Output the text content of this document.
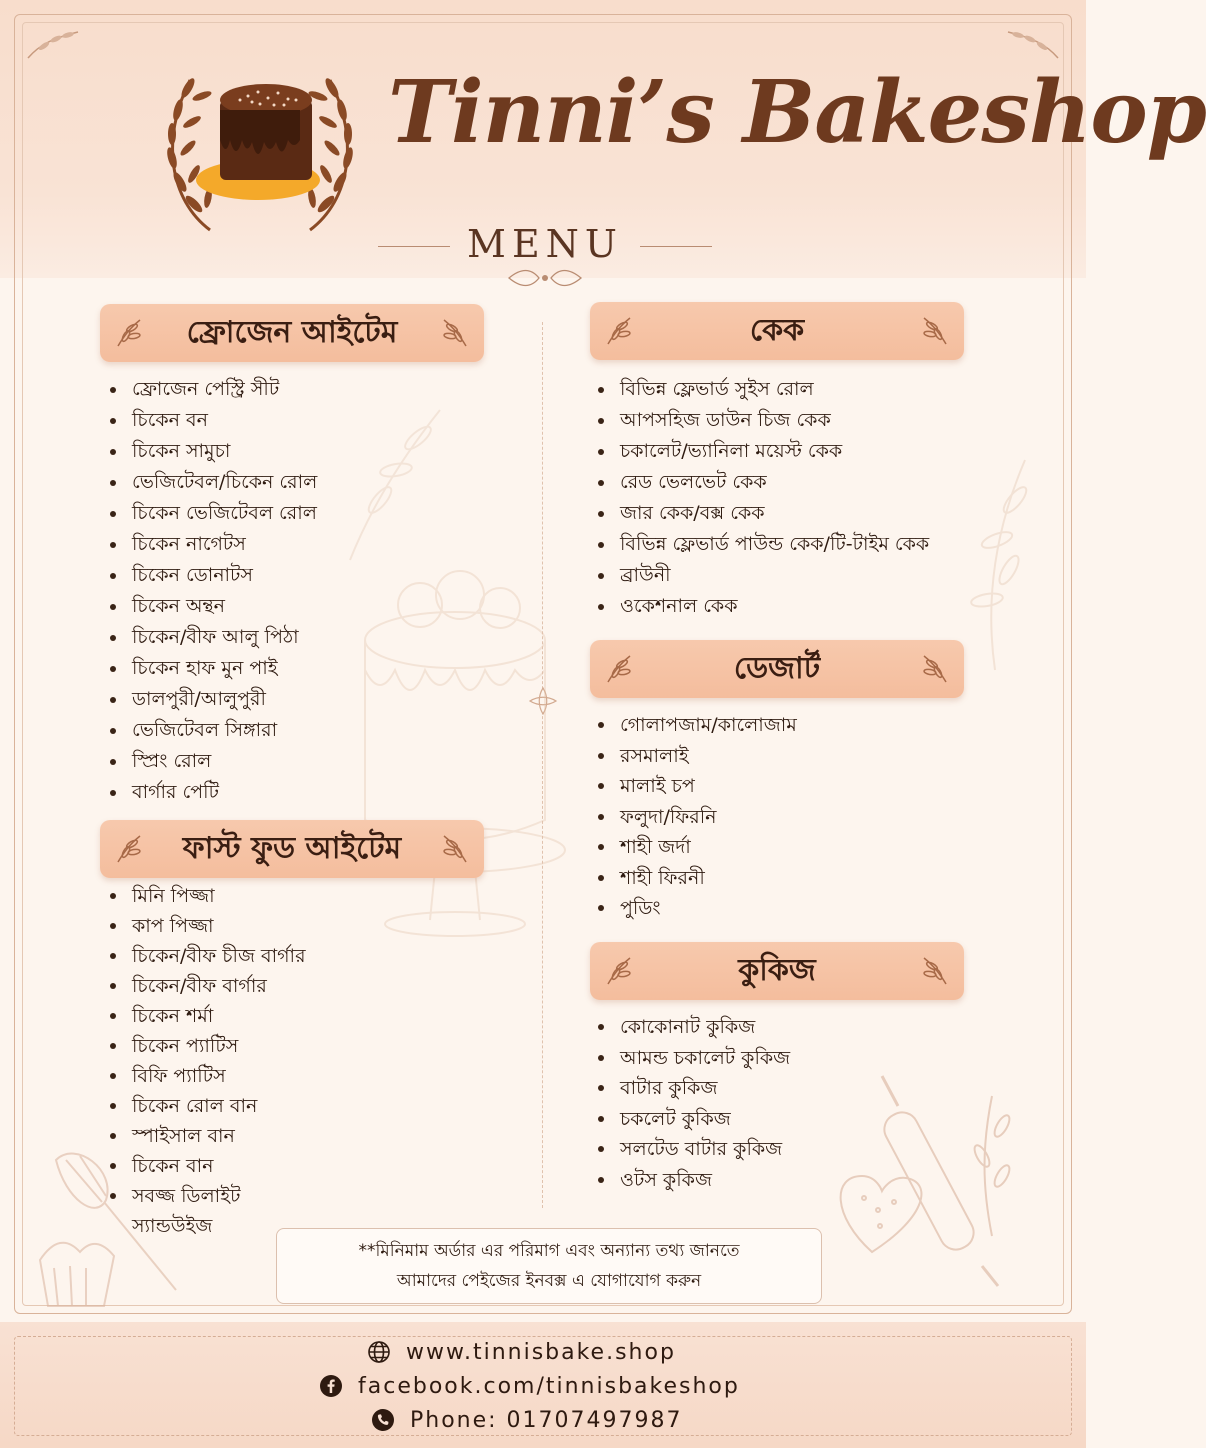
Tinni’s Bakeshop
MENU
ফ্রোজেন আইটেম
ফ্রোজেন পেস্ট্রি সীট
চিকেন বন
চিকেন সামুচা
ভেজিটেবল/চিকেন রোল
চিকেন ভেজিটেবল রোল
চিকেন নাগেটস
চিকেন ডোনাটস
চিকেন অন্থন
চিকেন/বীফ আলু পিঠা
চিকেন হাফ মুন পাই
ডালপুরী/আলুপুরী
ভেজিটেবল সিঙ্গারা
স্প্রিং রোল
বার্গার পেটি
ফাস্ট ফুড আইটেম
মিনি পিজ্জা
কাপ পিজ্জা
চিকেন/বীফ চীজ বার্গার
চিকেন/বীফ বার্গার
চিকেন শর্মা
চিকেন প্যাটিস
বিফি প্যাটিস
চিকেন রোল বান
স্পাইসাল বান
চিকেন বান
সবজ্জ ডিলাইট
স্যান্ডউইজ
কেক
বিভিন্ন ফ্লেভার্ড সুইস রোল
আপসহিজ ডাউন চিজ কেক
চকালেট/ভ্যানিলা ময়েস্ট কেক
রেড ভেলভেট কেক
জার কেক/বক্স কেক
বিভিন্ন ফ্লেভার্ড পাউন্ড কেক/টি-টাইম কেক
ব্রাউনী
ওকেশনাল কেক
ডেজার্ট
গোলাপজাম/কালোজাম
রসমালাই
মালাই চপ
ফলুদা/ফিরনি
শাহী জর্দা
শাহী ফিরনী
পুডিং
কুকিজ
কোকোনাট কুকিজ
আমন্ড চকালেট কুকিজ
বাটার কুকিজ
চকলেট কুকিজ
সলটেড বাটার কুকিজ
ওটস কুকিজ
**মিনিমাম অর্ডার এর পরিমাগ এবং অন্যান্য তথ্য জানতে
আমাদের পেইজের ইনবক্স এ যোগাযোগ করুন
www.tinnisbake.shop
facebook.com/tinnisbakeshop
Phone: 01707497987
